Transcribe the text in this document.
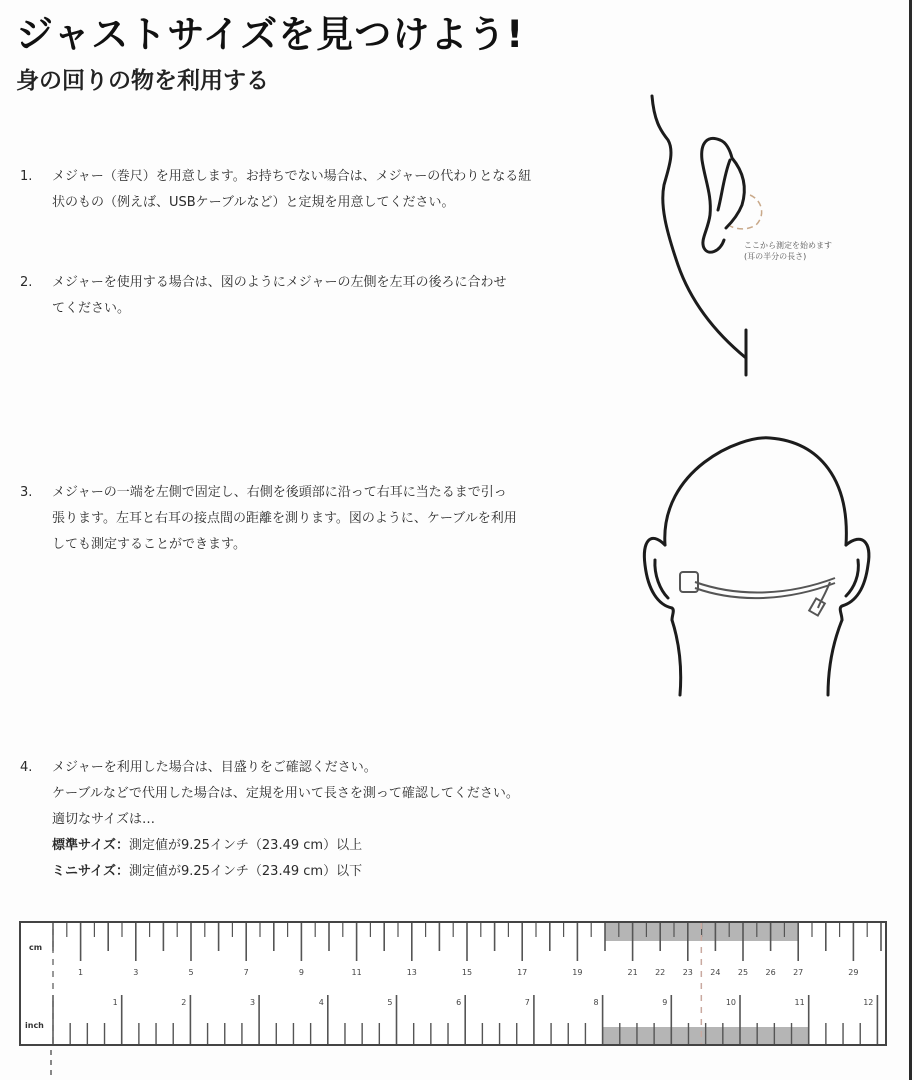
ジャストサイズを見つけよう!
身の回りの物を利用する
1.	メジャー（巻尺）を用意します。お持ちでない場合は、メジャーの代わりとなる紐
状のもの（例えば、USBケーブルなど）と定規を用意してください。
2.	メジャーを使用する場合は、図のようにメジャーの左側を左耳の後ろに合わせ
てください。
3.	メジャーの一端を左側で固定し、右側を後頭部に沿って右耳に当たるまで引っ
張ります。左耳と右耳の接点間の距離を測ります。図のように、ケーブルを利用
しても測定することができます。
4.	メジャーを利用した場合は、目盛りをご確認ください。
ケーブルなどで代用した場合は、定規を用いて長さを測って確認してください。
適切なサイズは…
標準サイズ：測定値が9.25インチ（23.49 cm）以上
ミニサイズ：測定値が9.25インチ（23.49 cm）以下
ここから測定を始めます
(耳の半分の長さ)
cm
inch
1	3	5	7	9	11	13	15	17	19	21 22 23 24 25 26 27	29
1	2	3	4	5	6	7	8	9	10	11	12
